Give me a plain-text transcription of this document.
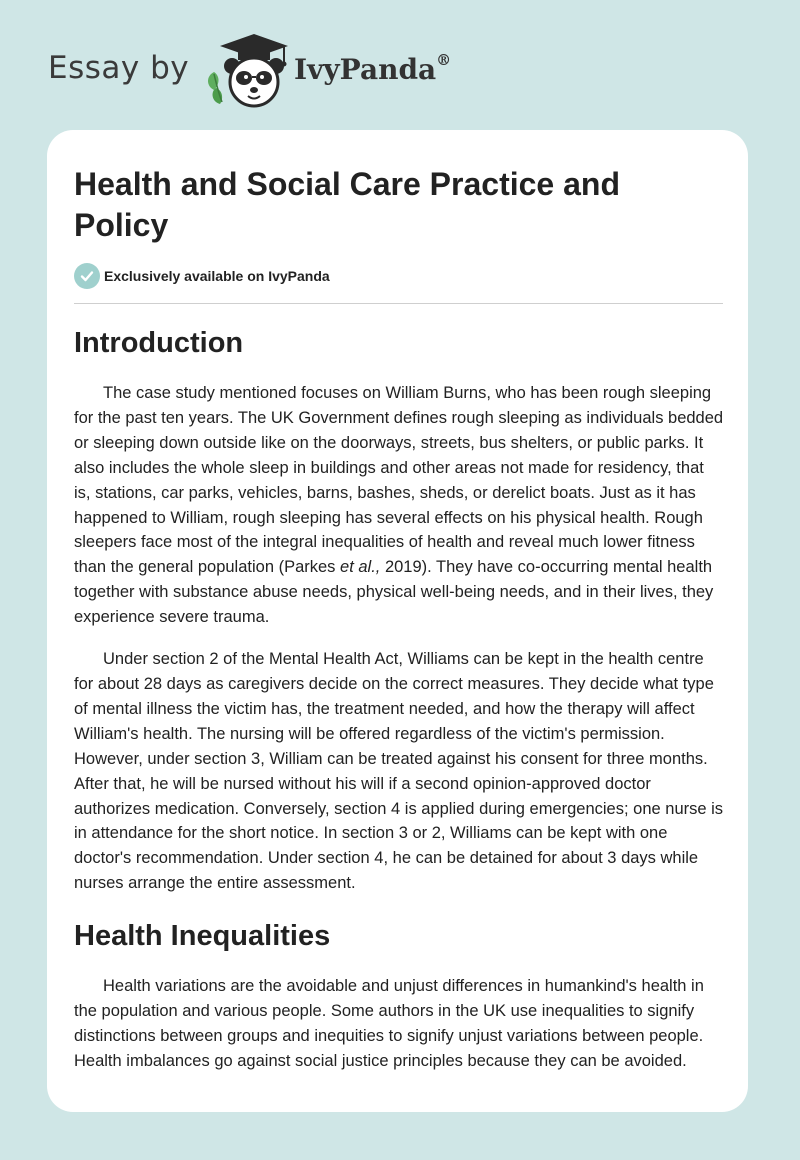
Essay by	IvyPanda®
Health and Social Care Practice and Policy
Exclusively available on IvyPanda
Introduction

The case study mentioned focuses on William Burns, who has been rough sleeping for the past ten years. The UK Government defines rough sleeping as individuals bedded or sleeping down outside like on the doorways, streets, bus shelters, or public parks. It also includes the whole sleep in buildings and other areas not made for residency, that is, stations, car parks, vehicles, barns, bashes, sheds, or derelict boats. Just as it has happened to William, rough sleeping has several effects on his physical health. Rough sleepers face most of the integral inequalities of health and reveal much lower fitness than the general population (Parkes et al., 2019). They have co-occurring mental health together with substance abuse needs, physical well-being needs, and in their lives, they experience severe trauma.

Under section 2 of the Mental Health Act, Williams can be kept in the health centre for about 28 days as caregivers decide on the correct measures. They decide what type of mental illness the victim has, the treatment needed, and how the therapy will affect William's health. The nursing will be offered regardless of the victim's permission. However, under section 3, William can be treated against his consent for three months. After that, he will be nursed without his will if a second opinion-approved doctor authorizes medication. Conversely, section 4 is applied during emergencies; one nurse is in attendance for the short notice. In section 3 or 2, Williams can be kept with one doctor's recommendation. Under section 4, he can be detained for about 3 days while nurses arrange the entire assessment.

Health Inequalities

Health variations are the avoidable and unjust differences in humankind's health in the population and various people. Some authors in the UK use inequalities to signify distinctions between groups and inequities to signify unjust variations between people. Health imbalances go against social justice principles because they can be avoided.
